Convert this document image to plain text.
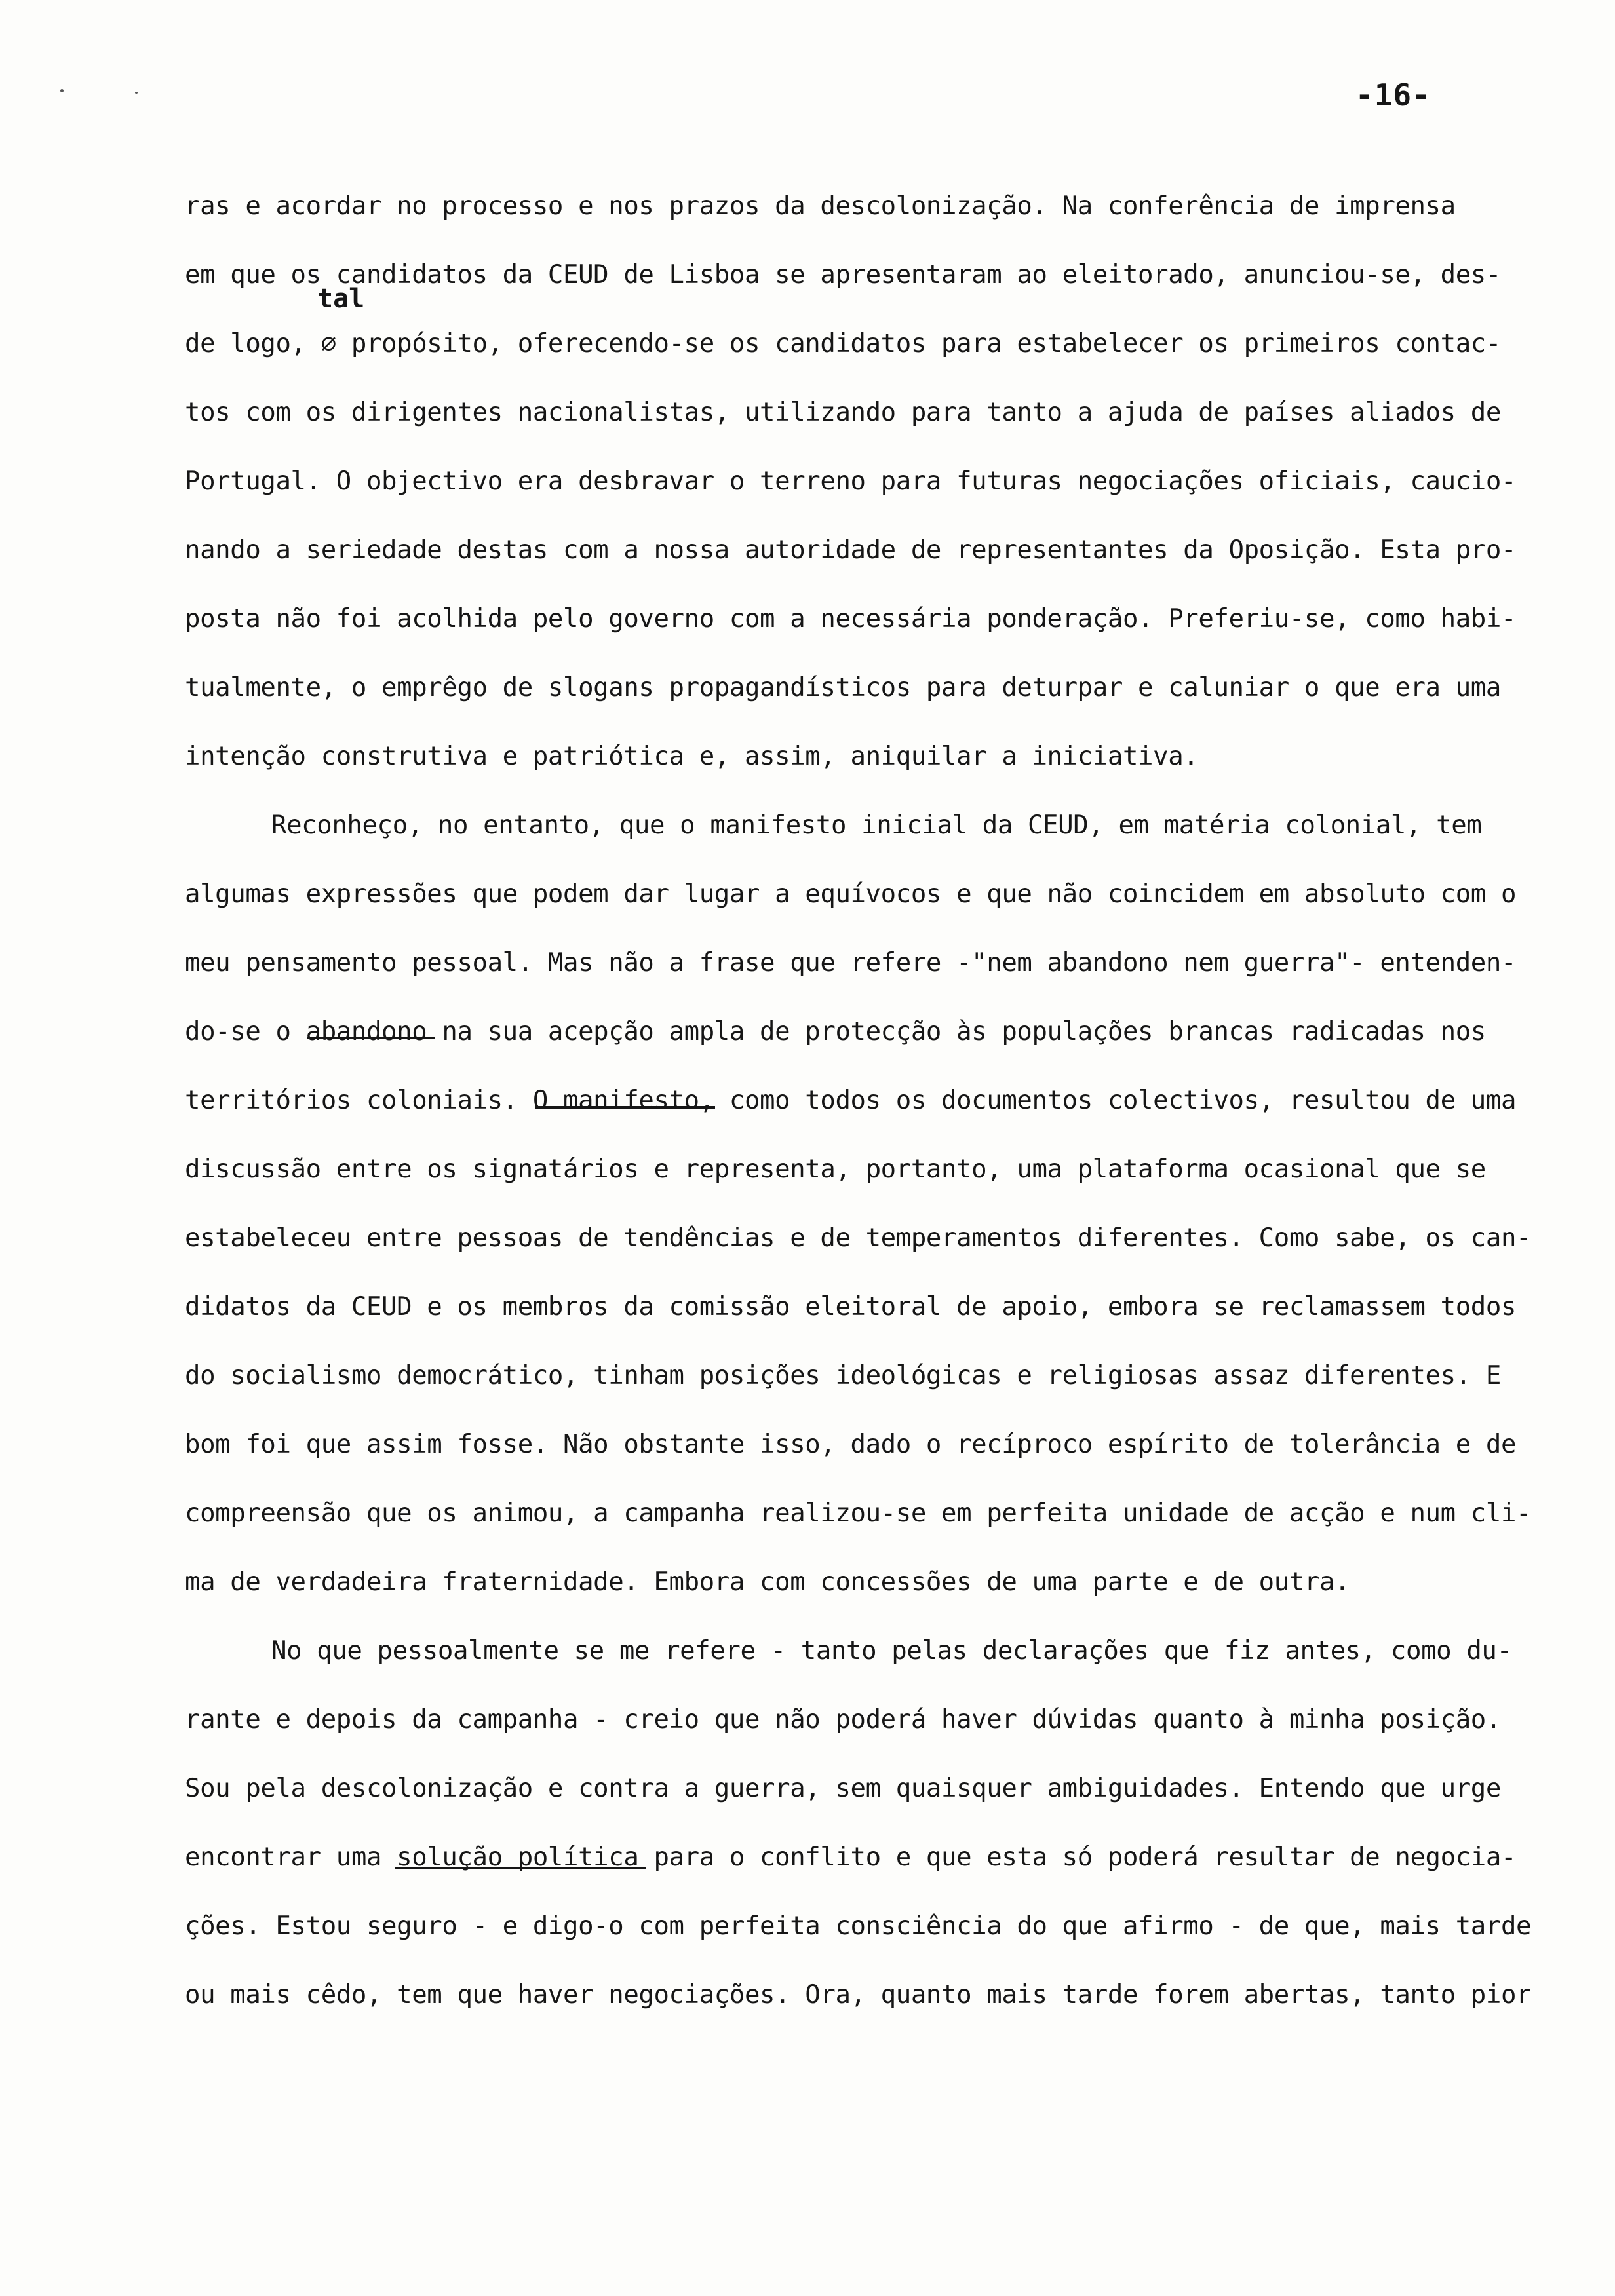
-16-
tal
ras e acordar no processo e nos prazos da descolonização. Na conferência de imprensa
em que os candidatos da CEUD de Lisboa se apresentaram ao eleitorado, anunciou-se, des-
de logo, ∅ propósito, oferecendo-se os candidatos para estabelecer os primeiros contac-
tos com os dirigentes nacionalistas, utilizando para tanto a ajuda de países aliados de
Portugal. O objectivo era desbravar o terreno para futuras negociações oficiais, caucio-
nando a seriedade destas com a nossa autoridade de representantes da Oposição. Esta pro-
posta não foi acolhida pelo governo com a necessária ponderação. Preferiu-se, como habi-
tualmente, o emprêgo de slogans propagandísticos para deturpar e caluniar o que era uma
intenção construtiva e patriótica e, assim, aniquilar a iniciativa.
Reconheço, no entanto, que o manifesto inicial da CEUD, em matéria colonial, tem
algumas expressões que podem dar lugar a equívocos e que não coincidem em absoluto com o
meu pensamento pessoal. Mas não a frase que refere -"nem abandono nem guerra"- entenden-
do-se o abandono na sua acepção ampla de protecção às populações brancas radicadas nos
territórios coloniais. O manifesto, como todos os documentos colectivos, resultou de uma
discussão entre os signatários e representa, portanto, uma plataforma ocasional que se
estabeleceu entre pessoas de tendências e de temperamentos diferentes. Como sabe, os can-
didatos da CEUD e os membros da comissão eleitoral de apoio, embora se reclamassem todos
do socialismo democrático, tinham posições ideológicas e religiosas assaz diferentes. E
bom foi que assim fosse. Não obstante isso, dado o recíproco espírito de tolerância e de
compreensão que os animou, a campanha realizou-se em perfeita unidade de acção e num cli-
ma de verdadeira fraternidade. Embora com concessões de uma parte e de outra.
No que pessoalmente se me refere - tanto pelas declarações que fiz antes, como du-
rante e depois da campanha - creio que não poderá haver dúvidas quanto à minha posição.
Sou pela descolonização e contra a guerra, sem quaisquer ambiguidades. Entendo que urge
encontrar uma solução política para o conflito e que esta só poderá resultar de negocia-
ções. Estou seguro - e digo-o com perfeita consciência do que afirmo - de que, mais tarde
ou mais cêdo, tem que haver negociações. Ora, quanto mais tarde forem abertas, tanto pior
